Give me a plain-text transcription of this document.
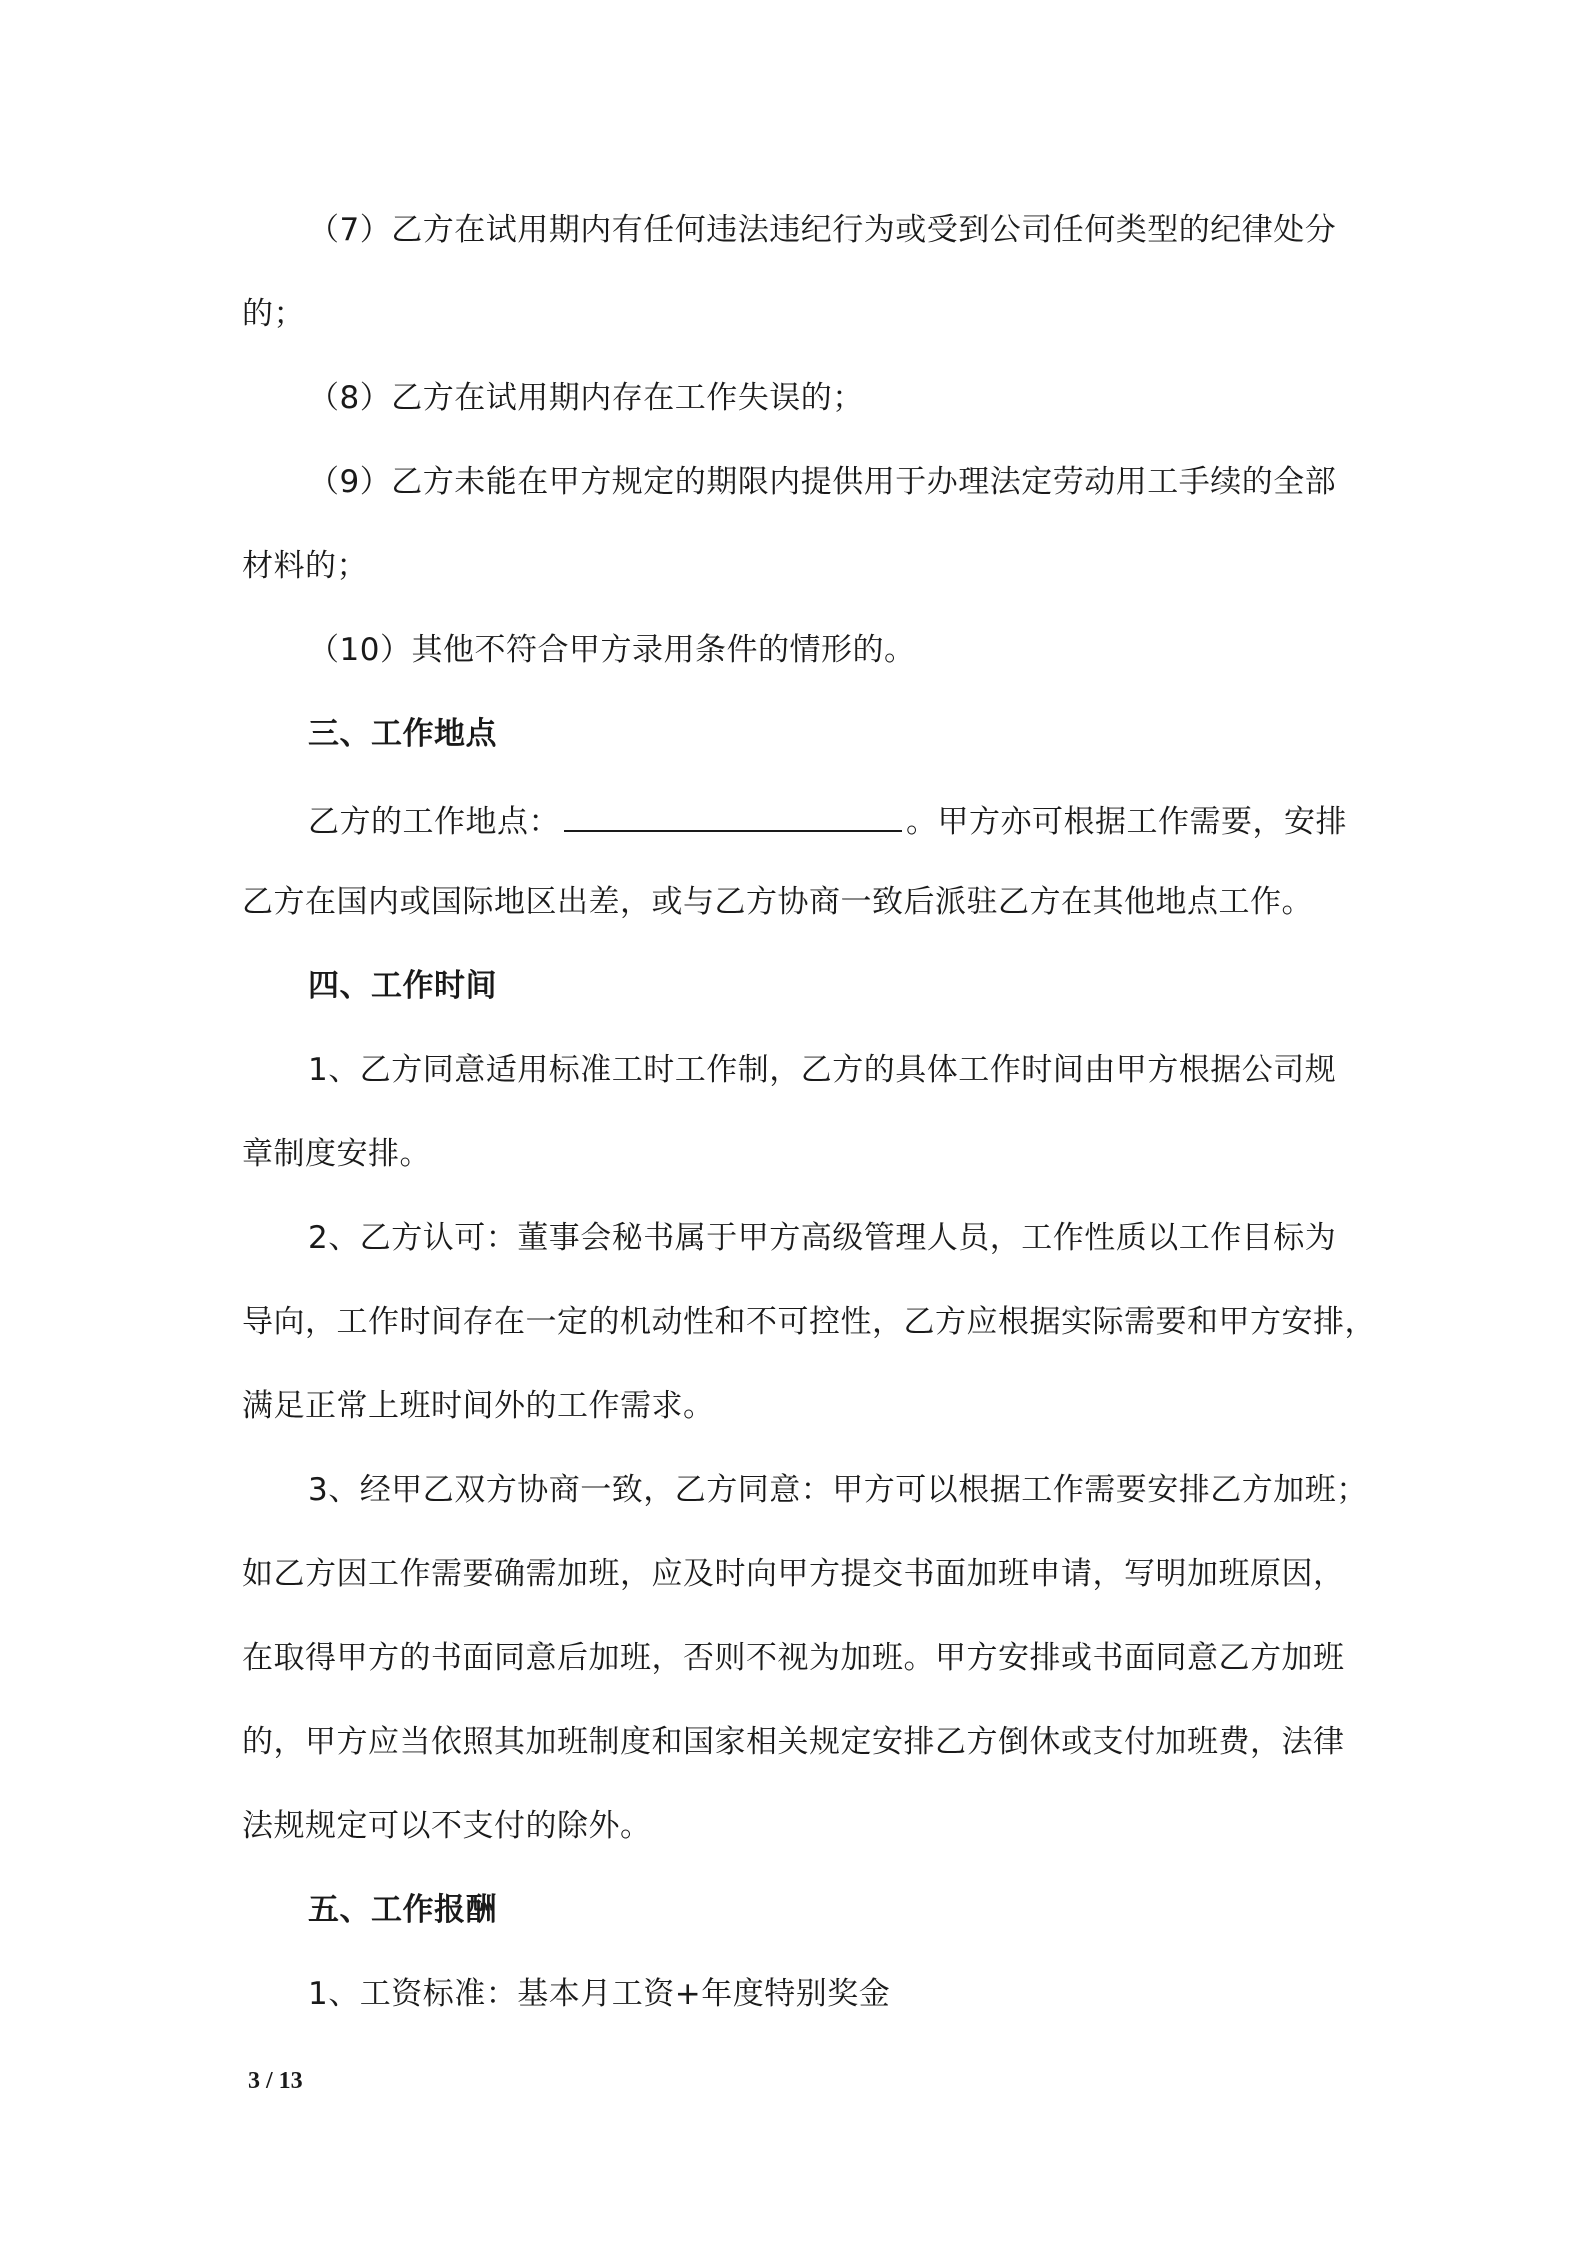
（7）乙方在试用期内有任何违法违纪行为或受到公司任何类型的纪律处分
的；
（8）乙方在试用期内存在工作失误的；
（9）乙方未能在甲方规定的期限内提供用于办理法定劳动用工手续的全部
材料的；
（10）其他不符合甲方录用条件的情形的。
三、工作地点
乙方的工作地点：	。甲方亦可根据工作需要，安排
乙方在国内或国际地区出差，或与乙方协商一致后派驻乙方在其他地点工作。
四、工作时间
1、乙方同意适用标准工时工作制，乙方的具体工作时间由甲方根据公司规
章制度安排。
2、乙方认可：董事会秘书属于甲方高级管理人员，工作性质以工作目标为
导向，工作时间存在一定的机动性和不可控性，乙方应根据实际需要和甲方安排，
满足正常上班时间外的工作需求。
3、经甲乙双方协商一致，乙方同意：甲方可以根据工作需要安排乙方加班；
如乙方因工作需要确需加班，应及时向甲方提交书面加班申请，写明加班原因，
在取得甲方的书面同意后加班，否则不视为加班。甲方安排或书面同意乙方加班
的，甲方应当依照其加班制度和国家相关规定安排乙方倒休或支付加班费，法律
法规规定可以不支付的除外。
五、工作报酬
1、工资标准：基本月工资+年度特别奖金
3 / 13
